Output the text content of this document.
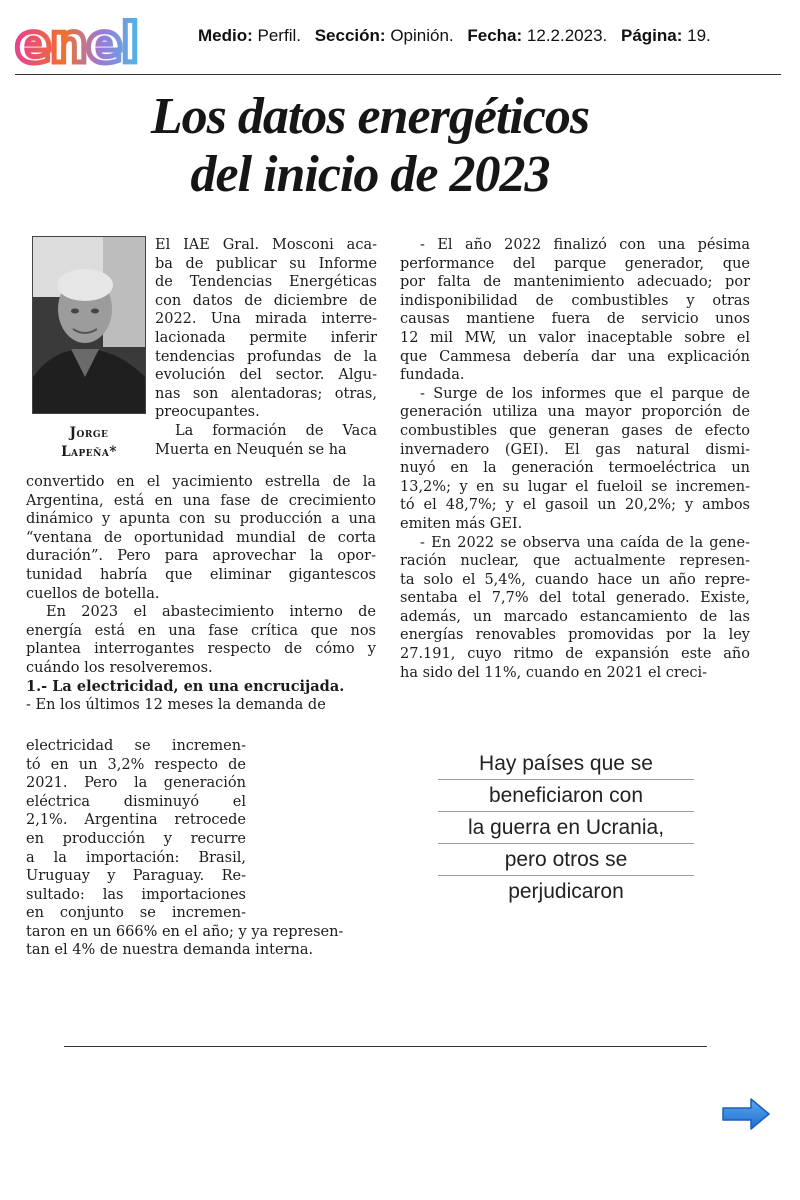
enel	Medio: Perfil. Sección: Opinión. Fecha: 12.2.2023. Página: 19.
Los datos energéticos
del inicio de 2023
Jorge
Lapeña*
El IAE Gral. Mosconi aca-
ba de publicar su Informe
de Tendencias Energéticas
con datos de diciembre de
2022. Una mirada interre-
lacionada permite inferir
tendencias profundas de la
evolución del sector. Algu-
nas son alentadoras; otras,
preocupantes.
La formación de Vaca
Muerta en Neuquén se ha
convertido en el yacimiento estrella de la
Argentina, está en una fase de crecimiento
dinámico y apunta con su producción a una
“ventana de oportunidad mundial de corta
duración”. Pero para aprovechar la opor-
tunidad habría que eliminar gigantescos
cuellos de botella.
En 2023 el abastecimiento interno de
energía está en una fase crítica que nos
plantea interrogantes respecto de cómo y
cuándo los resolveremos.
1.- La electricidad, en una encrucijada.
- En los últimos 12 meses la demanda de
electricidad se incremen-
tó en un 3,2% respecto de
2021. Pero la generación
eléctrica disminuyó el
2,1%. Argentina retrocede
en producción y recurre
a la importación: Brasil,
Uruguay y Paraguay. Re-
sultado: las importaciones
en conjunto se incremen-
taron en un 666% en el año; y ya represen-
tan el 4% de nuestra demanda interna.
- El año 2022 finalizó con una pésima
performance del parque generador, que
por falta de mantenimiento adecuado; por
indisponibilidad de combustibles y otras
causas mantiene fuera de servicio unos
12 mil MW, un valor inaceptable sobre el
que Cammesa debería dar una explicación
fundada.
- Surge de los informes que el parque de
generación utiliza una mayor proporción de
combustibles que generan gases de efecto
invernadero (GEI). El gas natural dismi-
nuyó en la generación termoeléctrica un
13,2%; y en su lugar el fueloil se incremen-
tó el 48,7%; y el gasoil un 20,2%; y ambos
emiten más GEI.
- En 2022 se observa una caída de la gene-
ración nuclear, que actualmente represen-
ta solo el 5,4%, cuando hace un año repre-
sentaba el 7,7% del total generado. Existe,
además, un marcado estancamiento de las
energías renovables promovidas por la ley
27.191, cuyo ritmo de expansión este año
ha sido del 11%, cuando en 2021 el creci-
Hay países que se
beneficiaron con
la guerra en Ucrania,
pero otros se
perjudicaron
